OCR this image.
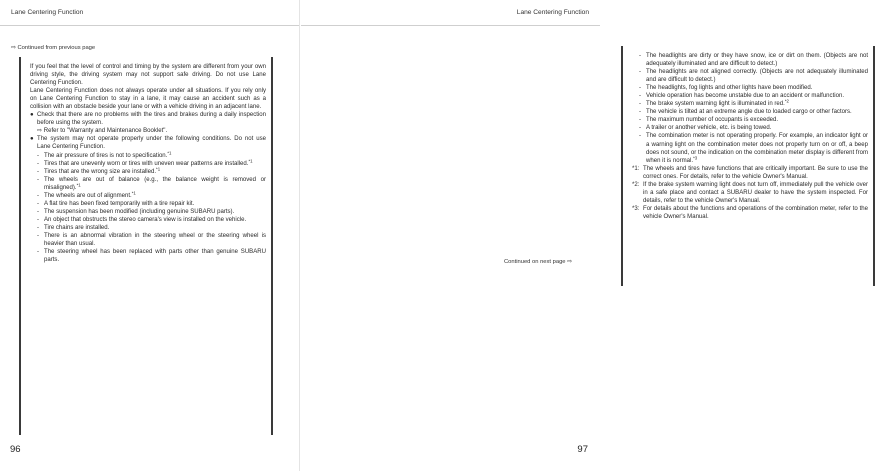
Lane Centering Function
⇨ Continued from previous page

If you feel that the level of control and timing by the system are different from your own driving style, the driving system may not support safe driving. Do not use Lane Centering Function.

Lane Centering Function does not always operate under all situations. If you rely only on Lane Centering Function to stay in a lane, it may cause an accident such as a collision with an obstacle beside your lane or with a vehicle driving in an adjacent lane.

● Check that there are no problems with the tires and brakes during a daily inspection before using the system.

⇨ Refer to "Warranty and Maintenance Booklet".

● The system may not operate properly under the following conditions. Do not use Lane Centering Function.
- The air pressure of tires is not to specification.$^{*1}$
- Tires that are unevenly worn or tires with uneven wear patterns are installed.$^{*1}$
- Tires that are the wrong size are installed.$^{*1}$
- The wheels are out of balance (e.g., the balance weight is removed or misaligned).$^{*1}$
- The wheels are out of alignment.$^{*1}$
- A flat tire has been fixed temporarily with a tire repair kit.
- The suspension has been modified (including genuine SUBARU parts).
- An object that obstructs the stereo camera's view is installed on the vehicle.
- Tire chains are installed.
- There is an abnormal vibration in the steering wheel or the steering wheel is heavier than usual.
- The steering wheel has been replaced with parts other than genuine SUBARU parts.
96
Lane Centering Function
- The headlights are dirty or they have snow, ice or dirt on them. (Objects are not adequately illuminated and are difficult to detect.)
- The headlights are not aligned correctly. (Objects are not adequately illuminated and are difficult to detect.)
- The headlights, fog lights and other lights have been modified.
- Vehicle operation has become unstable due to an accident or malfunction.
- The brake system warning light is illuminated in red.$^{*2}$
- The vehicle is tilted at an extreme angle due to loaded cargo or other factors.
- The maximum number of occupants is exceeded.
- A trailer or another vehicle, etc. is being towed.
- The combination meter is not operating properly. For example, an indicator light or a warning light on the combination meter does not properly turn on or off, a beep does not sound, or the indication on the combination meter display is different from when it is normal.$^{*3}$
*1: The wheels and tires have functions that are critically important. Be sure to use the correct ones. For details, refer to the vehicle Owner's Manual.
*2: If the brake system warning light does not turn off, immediately pull the vehicle over in a safe place and contact a SUBARU dealer to have the system inspected. For details, refer to the vehicle Owner's Manual.
*3: For details about the functions and operations of the combination meter, refer to the vehicle Owner's Manual.
Continued on next page ⇨
97
